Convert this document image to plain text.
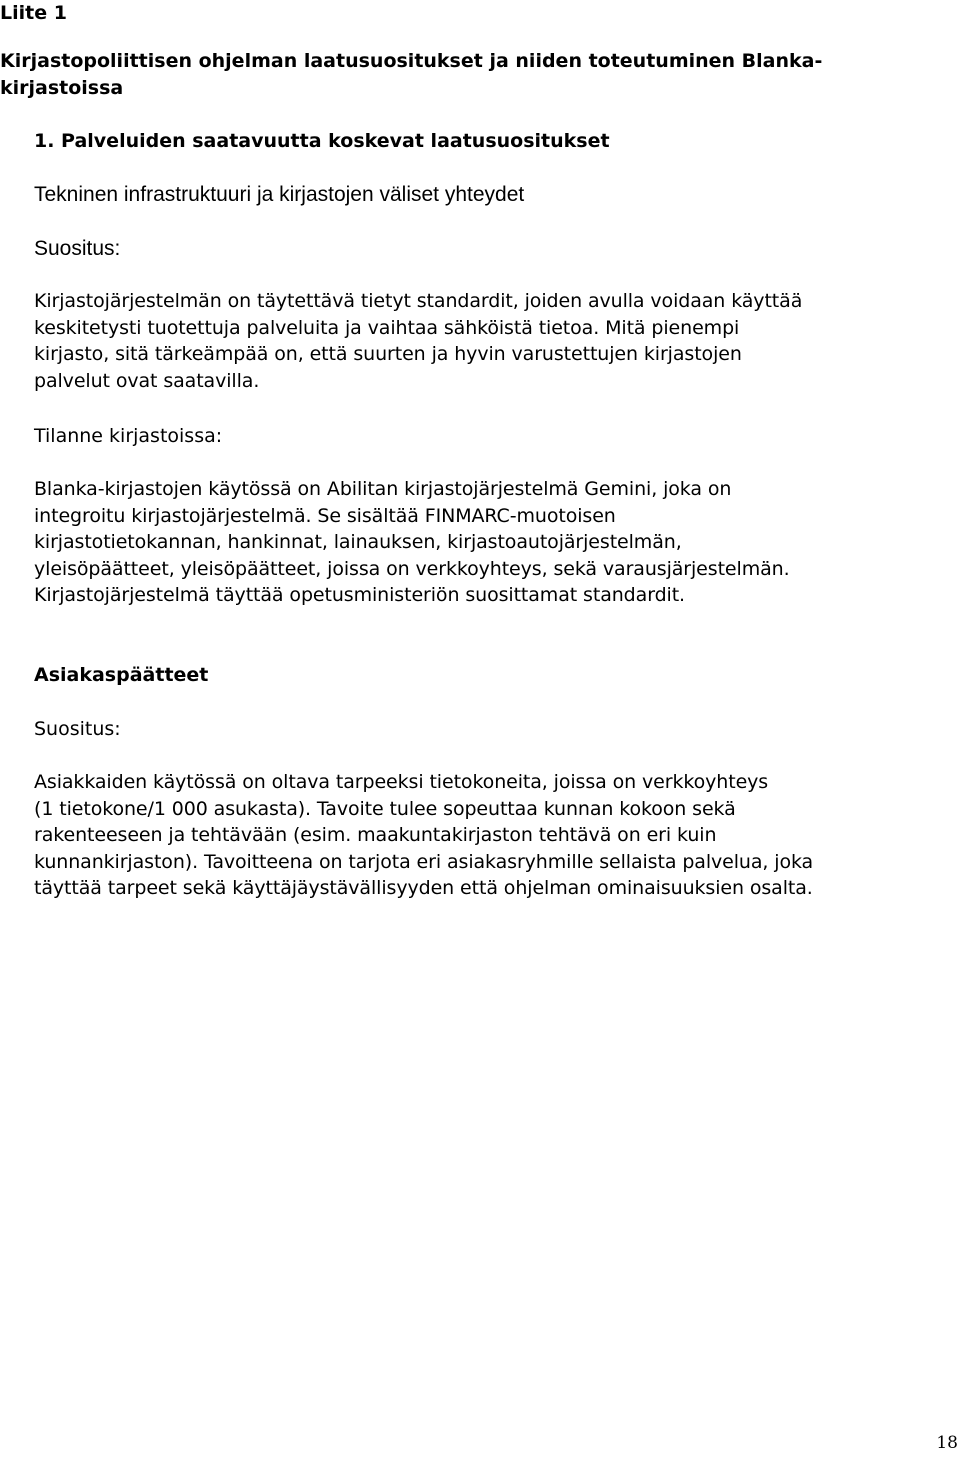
Liite 1
Kirjastopoliittisen ohjelman laatusuositukset ja niiden toteutuminen Blanka-
kirjastoissa
1. Palveluiden saatavuutta koskevat laatusuositukset
Tekninen infrastruktuuri ja kirjastojen väliset yhteydet
Suositus:
Kirjastojärjestelmän on täytettävä tietyt standardit, joiden avulla voidaan käyttää
keskitetysti tuotettuja palveluita ja vaihtaa sähköistä tietoa. Mitä pienempi
kirjasto, sitä tärkeämpää on, että suurten ja hyvin varustettujen kirjastojen
palvelut ovat saatavilla.
Tilanne kirjastoissa:
Blanka-kirjastojen käytössä on Abilitan kirjastojärjestelmä Gemini, joka on
integroitu kirjastojärjestelmä. Se sisältää FINMARC-muotoisen
kirjastotietokannan, hankinnat, lainauksen, kirjastoautojärjestelmän,
yleisöpäätteet, yleisöpäätteet, joissa on verkkoyhteys, sekä varausjärjestelmän.
Kirjastojärjestelmä täyttää opetusministeriön suosittamat standardit.
Asiakaspäätteet
Suositus:
Asiakkaiden käytössä on oltava tarpeeksi tietokoneita, joissa on verkkoyhteys
(1 tietokone/1 000 asukasta). Tavoite tulee sopeuttaa kunnan kokoon sekä
rakenteeseen ja tehtävään (esim. maakuntakirjaston tehtävä on eri kuin
kunnankirjaston). Tavoitteena on tarjota eri asiakasryhmille sellaista palvelua, joka
täyttää tarpeet sekä käyttäjäystävällisyyden että ohjelman ominaisuuksien osalta.
18
